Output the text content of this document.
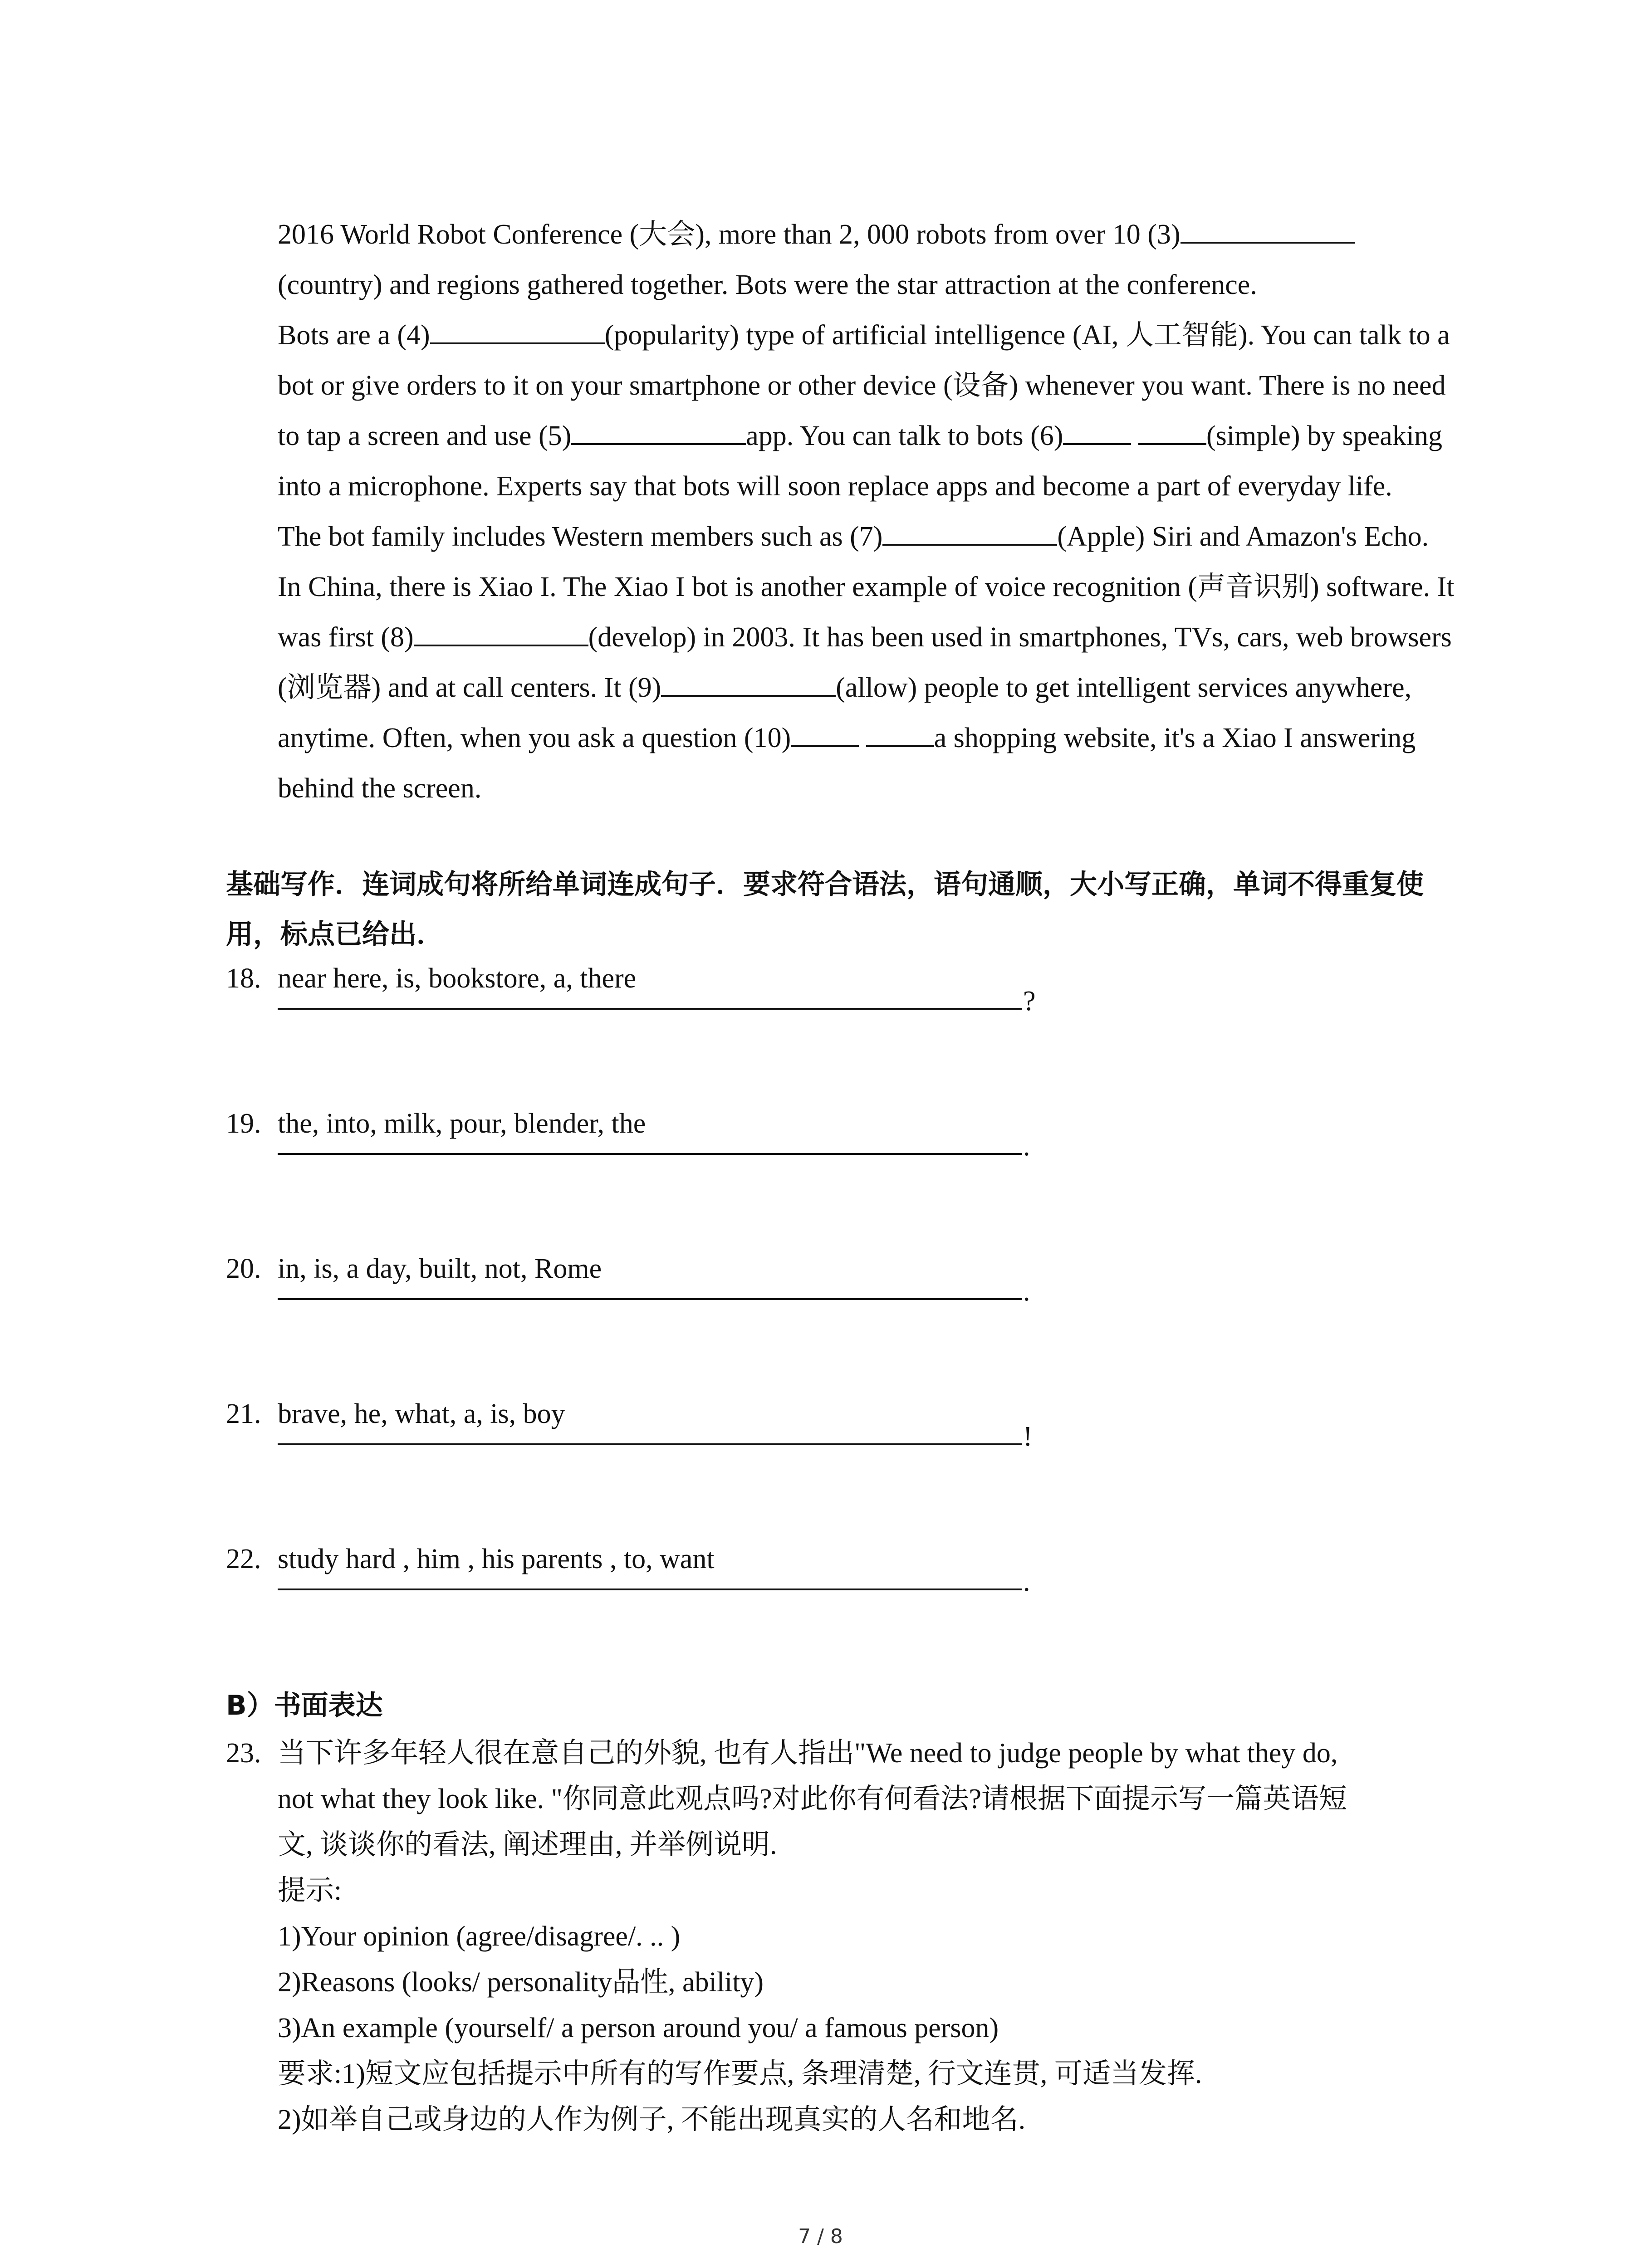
2016 World Robot Conference (大会), more than 2, 000 robots from over 10 (3) (country) and regions gathered together. Bots were the star attraction at the conference.

Bots are a (4)	(popularity) type of artificial intelligence (AI, 人工智能). You can talk to a bot or give orders to it on your smartphone or other device (设备) whenever you want. There is no need to tap a screen and use (5)	app. You can talk to bots (6)	(simple) by speaking into a microphone. Experts say that bots will soon replace apps and become a part of everyday life.

The bot family includes Western members such as (7)	(Apple) Siri and Amazon's Echo. In China, there is Xiao I. The Xiao I bot is another example of voice recognition (声音识别) software. It was first (8)	(develop) in 2003. It has been used in smartphones, TVs, cars, web browsers (浏览器) and at call centers. It (9)	(allow) people to get intelligent services anywhere, anytime. Often, when you ask a question (10)	a shopping website, it's a Xiao I answering behind the screen.

基础写作．连词成句将所给单词连成句子．要求符合语法，语句通顺，大小写正确，单词不得重复使用，标点已给出．
18. near here, is, bookstore, a, there
?
19. the, into, milk, pour, blender, the
.
20. in, is, a day, built, not, Rome
.
21. brave, he, what, a, is, boy
!
22. study hard , him , his parents , to, want
.
B）书面表达
23. 当下许多年轻人很在意自己的外貌, 也有人指出"We need to judge people by what they do,
not what they look like. "你同意此观点吗?对此你有何看法?请根据下面提示写一篇英语短
文, 谈谈你的看法, 阐述理由, 并举例说明.
提示:
1)Your opinion (agree/disagree/. .. )
2)Reasons (looks/ personality品性, ability)
3)An example (yourself/ a person around you/ a famous person)
要求:1)短文应包括提示中所有的写作要点, 条理清楚, 行文连贯, 可适当发挥.
2)如举自己或身边的人作为例子, 不能出现真实的人名和地名.
7 / 8
